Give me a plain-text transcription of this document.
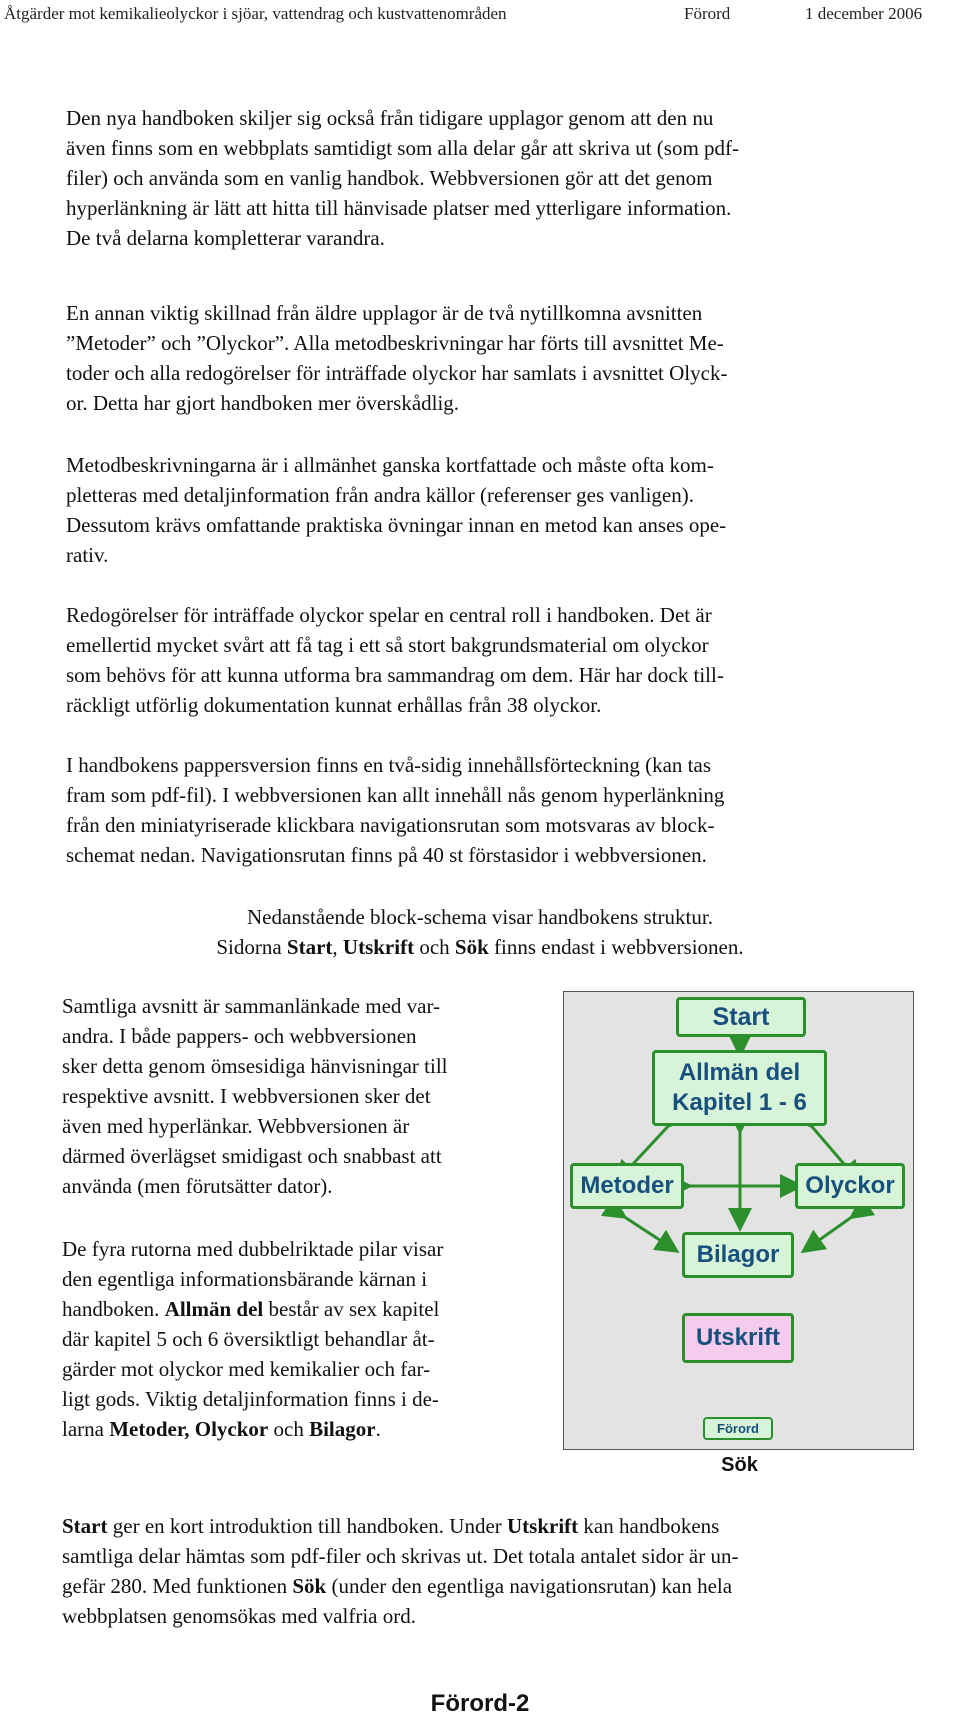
Åtgärder mot kemikalieolyckor i sjöar, vattendrag och kustvattenområden	Förord	1 december 2006

Den nya handboken skiljer sig också från tidigare upplagor genom att den nu
även finns som en webbplats samtidigt som alla delar går att skriva ut (som pdf-
filer) och använda som en vanlig handbok. Webbversionen gör att det genom
hyperlänkning är lätt att hitta till hänvisade platser med ytterligare information.
De två delarna kompletterar varandra.

En annan viktig skillnad från äldre upplagor är de två nytillkomna avsnitten
”Metoder” och ”Olyckor”. Alla metodbeskrivningar har förts till avsnittet Me-
toder och alla redogörelser för inträffade olyckor har samlats i avsnittet Olyck-
or. Detta har gjort handboken mer överskådlig.

Metodbeskrivningarna är i allmänhet ganska kortfattade och måste ofta kom-
pletteras med detaljinformation från andra källor (referenser ges vanligen).
Dessutom krävs omfattande praktiska övningar innan en metod kan anses ope-
rativ.

Redogörelser för inträffade olyckor spelar en central roll i handboken. Det är
emellertid mycket svårt att få tag i ett så stort bakgrundsmaterial om olyckor
som behövs för att kunna utforma bra sammandrag om dem. Här har dock till-
räckligt utförlig dokumentation kunnat erhållas från 38 olyckor.

I handbokens pappersversion finns en två-sidig innehållsförteckning (kan tas
fram som pdf-fil). I webbversionen kan allt innehåll nås genom hyperlänkning
från den miniatyriserade klickbara navigationsrutan som motsvaras av block-
schemat nedan. Navigationsrutan finns på 40 st förstasidor i webbversionen.

Nedanstående block-schema visar handbokens struktur.
Sidorna Start, Utskrift och Sök finns endast i webbversionen.

Samtliga avsnitt är sammanlänkade med var-
andra. I både pappers- och webbversionen
sker detta genom ömsesidiga hänvisningar till
respektive avsnitt. I webbversionen sker det
även med hyperlänkar. Webbversionen är
därmed överlägset smidigast och snabbast att
använda (men förutsätter dator).

De fyra rutorna med dubbelriktade pilar visar
den egentliga informationsbärande kärnan i
handboken. Allmän del består av sex kapitel
där kapitel 5 och 6 översiktligt behandlar åt-
gärder mot olyckor med kemikalier och far-
ligt gods. Viktig detaljinformation finns i de-
larna Metoder, Olyckor och Bilagor.

Start
Allmän del
Kapitel 1 - 6
Metoder	Olyckor
Bilagor
Utskrift
Förord
Sök

Start ger en kort introduktion till handboken. Under Utskrift kan handbokens
samtliga delar hämtas som pdf-filer och skrivas ut. Det totala antalet sidor är un-
gefär 280. Med funktionen Sök (under den egentliga navigationsrutan) kan hela
webbplatsen genomsökas med valfria ord.

Förord-2
